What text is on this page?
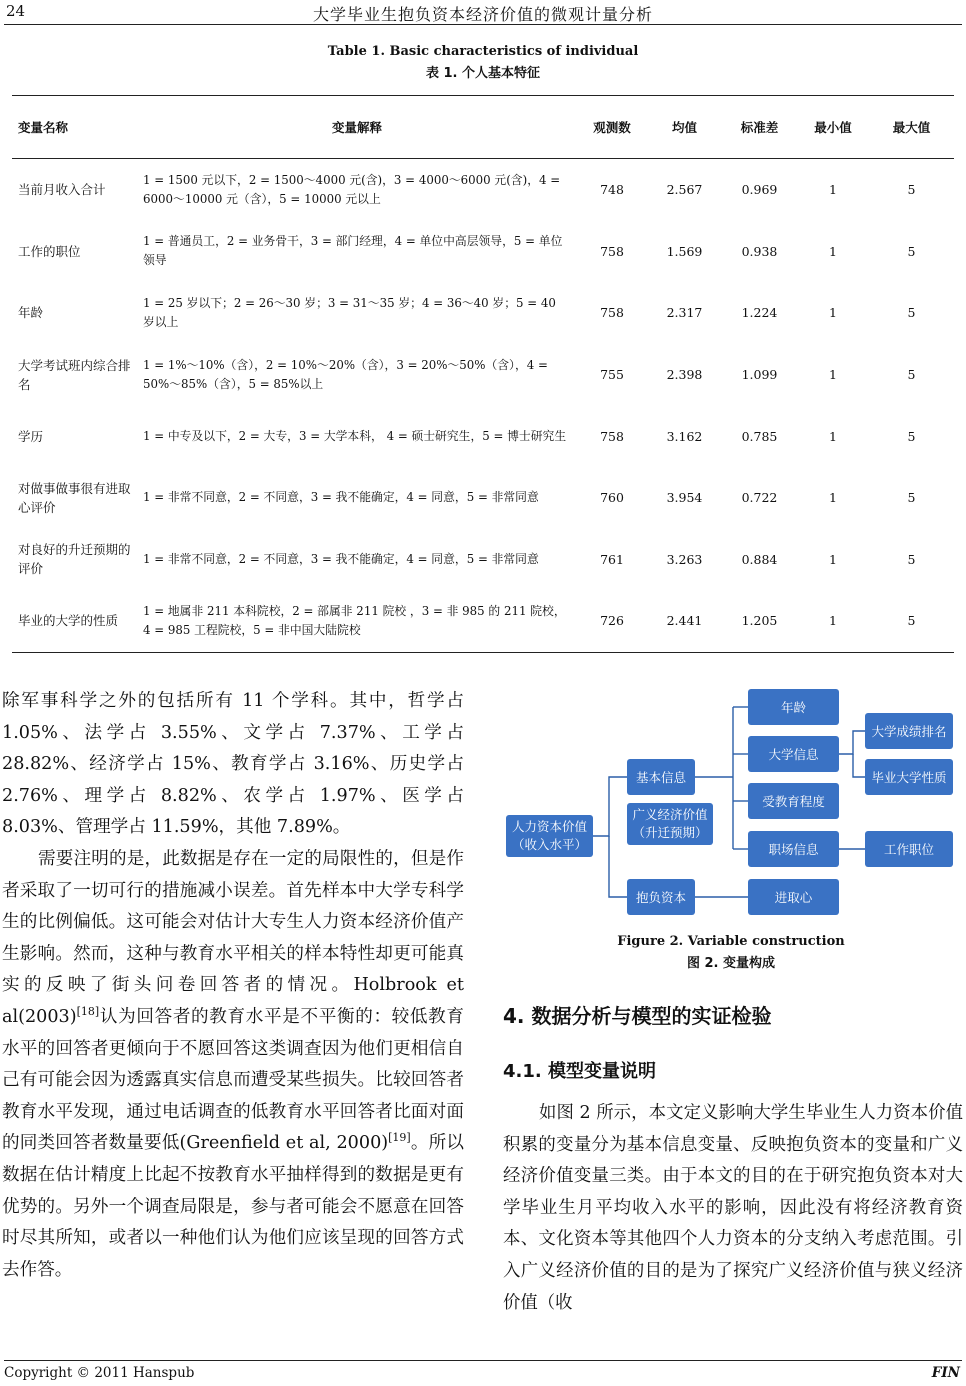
24	大学毕业生抱负资本经济价值的微观计量分析
Table 1. Basic characteristics of individual
表 1. 个人基本特征
变量名称	变量解释	观测数	均值	标准差	最小值	最大值
当前月收入合计	1 = 1500 元以下，2 = 1500～4000 元(含)，3 = 4000～6000 元(含)，4 = 6000～10000 元（含），5 = 10000 元以上	748	2.567	0.969	1	5
工作的职位	1 = 普通员工，2 = 业务骨干，3 = 部门经理，4 = 单位中高层领导，5 = 单位领导	758	1.569	0.938	1	5
年龄	1 = 25 岁以下；2 = 26～30 岁；3 = 31～35 岁；4 = 36～40 岁；5 = 40 岁以上	758	2.317	1.224	1	5
大学考试班内综合排名	1 = 1%～10%（含），2 = 10%～20%（含），3 = 20%～50%（含），4 = 50%～85%（含），5 = 85%以上	755	2.398	1.099	1	5
学历	1 = 中专及以下，2 = 大专，3 = 大学本科， 4 = 硕士研究生，5 = 博士研究生	758	3.162	0.785	1	5
对做事做事很有进取心评价	1 = 非常不同意，2 = 不同意，3 = 我不能确定，4 = 同意，5 = 非常同意	760	3.954	0.722	1	5
对良好的升迁预期的评价	1 = 非常不同意，2 = 不同意，3 = 我不能确定，4 = 同意，5 = 非常同意	761	3.263	0.884	1	5
毕业的大学的性质	1 = 地属非 211 本科院校，2 = 部属非 211 院校 ，3 = 非 985 的 211 院校，4 = 985 工程院校，5 = 非中国大陆院校	726	2.441	1.205	1	5

除军事科学之外的包括所有 11 个学科。其中，哲学占 1.05%、法学占 3.55%、文学占 7.37%、工学占 28.82%、经济学占 15%、教育学占 3.16%、历史学占 2.76%、理学占 8.82%、农学占 1.97%、医学占 8.03%、管理学占 11.59%，其他 7.89%。

需要注明的是，此数据是存在一定的局限性的，但是作者采取了一切可行的措施减小误差。首先样本中大学专科学生的比例偏低。这可能会对估计大专生人力资本经济价值产生影响。然而，这种与教育水平相关的样本特性却更可能真实的反映了街头问卷回答者的情况。Holbrook et al(2003)[18]认为回答者的教育水平是不平衡的：较低教育水平的回答者更倾向于不愿回答这类调查因为他们更相信自己有可能会因为透露真实信息而遭受某些损失。比较回答者教育水平发现，通过电话调查的低教育水平回答者比面对面的同类回答者数量要低(Greenfield et al, 2000)[19]。所以数据在估计精度上比起不按教育水平抽样得到的数据是更有优势的。另外一个调查局限是，参与者可能会不愿意在回答时尽其所知，或者以一种他们认为他们应该呈现的回答方式去作答。

人力资本价值
（收入水平）
基本信息
广义经济价值
（升迁预期）
抱负资本
年龄
大学信息
受教育程度
职场信息
进取心
大学成绩排名
毕业大学性质
工作职位
Figure 2. Variable construction
图 2. 变量构成
4. 数据分析与模型的实证检验
4.1. 模型变量说明

如图 2 所示，本文定义影响大学生毕业生人力资本价值积累的变量分为基本信息变量、反映抱负资本的变量和广义经济价值变量三类。由于本文的目的在于研究抱负资本对大学毕业生月平均收入水平的影响，因此没有将经济教育资本、文化资本等其他四个人力资本的分支纳入考虑范围。引入广义经济价值的目的是为了探究广义经济价值与狭义经济价值（收

Copyright © 2011 Hanspub	FIN
